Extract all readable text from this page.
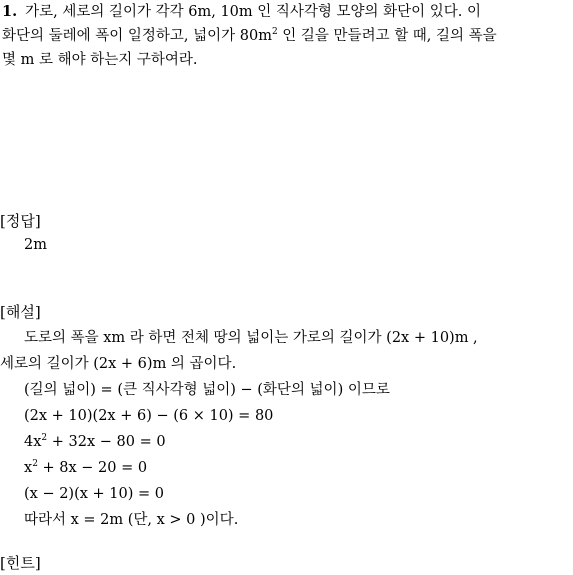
1. 가로, 세로의 길이가 각각 6m, 10m 인 직사각형 모양의 화단이 있다. 이
화단의 둘레에 폭이 일정하고, 넓이가 $80m^2$ 인 길을 만들려고 할 때, 길의 폭을
몇 m 로 해야 하는지 구하여라.
[정답]
2m
[해설]
도로의 폭을 xm 라 하면 전체 땅의 넓이는 가로의 길이가 (2x + 10)m ,
세로의 길이가 (2x + 6)m 의 곱이다.
(길의 넓이) = (큰 직사각형 넓이) − (화단의 넓이) 이므로
(2x + 10)(2x + 6) − (6 × 10) = 80
$4x^2 + 32x - 80 = 0$
$x^2 + 8x - 20 = 0$
(x − 2)(x + 10) = 0
따라서 x = 2m (단, x > 0 )이다.
[힌트]
